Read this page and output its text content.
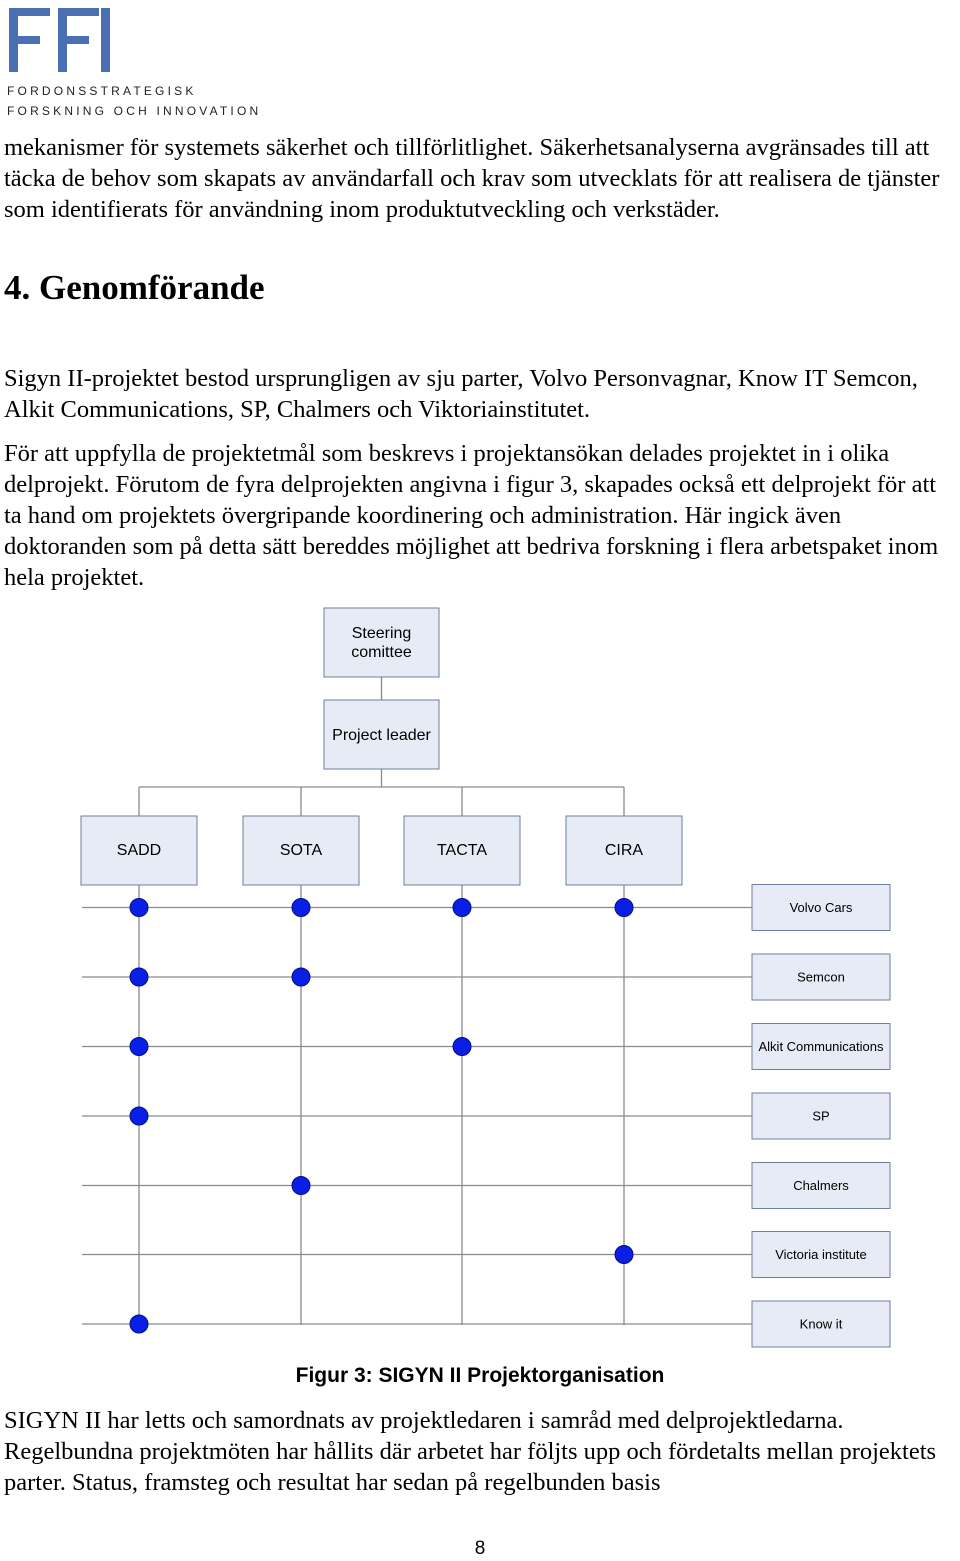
FORDONSSTRATEGISK
FORSKNING OCH INNOVATION

mekanismer för systemets säkerhet och tillförlitlighet. Säkerhetsanalyserna avgränsades till att täcka de behov som skapats av användarfall och krav som utvecklats för att realisera de tjänster som identifierats för användning inom produktutveckling och verkstäder.

4. Genomförande

Sigyn II-projektet bestod ursprungligen av sju parter, Volvo Personvagnar, Know IT Semcon, Alkit Communications, SP, Chalmers och Viktoriainstitutet.

För att uppfylla de projektetmål som beskrevs i projektansökan delades projektet in i olika delprojekt. Förutom de fyra delprojekten angivna i figur 3, skapades också ett delprojekt för att ta hand om projektets övergripande koordinering och administration. Här ingick även doktoranden som på detta sätt bereddes möjlighet att bedriva forskning i flera arbetspaket inom hela projektet.

Steering
comittee
Project leader
SADD	SOTA	TACTA	CIRA
Volvo Cars
Semcon
Alkit Communications
SP
Chalmers
Victoria institute
Know it
Figur 3: SIGYN II Projektorganisation

SIGYN II har letts och samordnats av projektledaren i samråd med delprojektledarna. Regelbundna projektmöten har hållits där arbetet har följts upp och fördetalts mellan projektets parter. Status, framsteg och resultat har sedan på regelbunden basis

8
